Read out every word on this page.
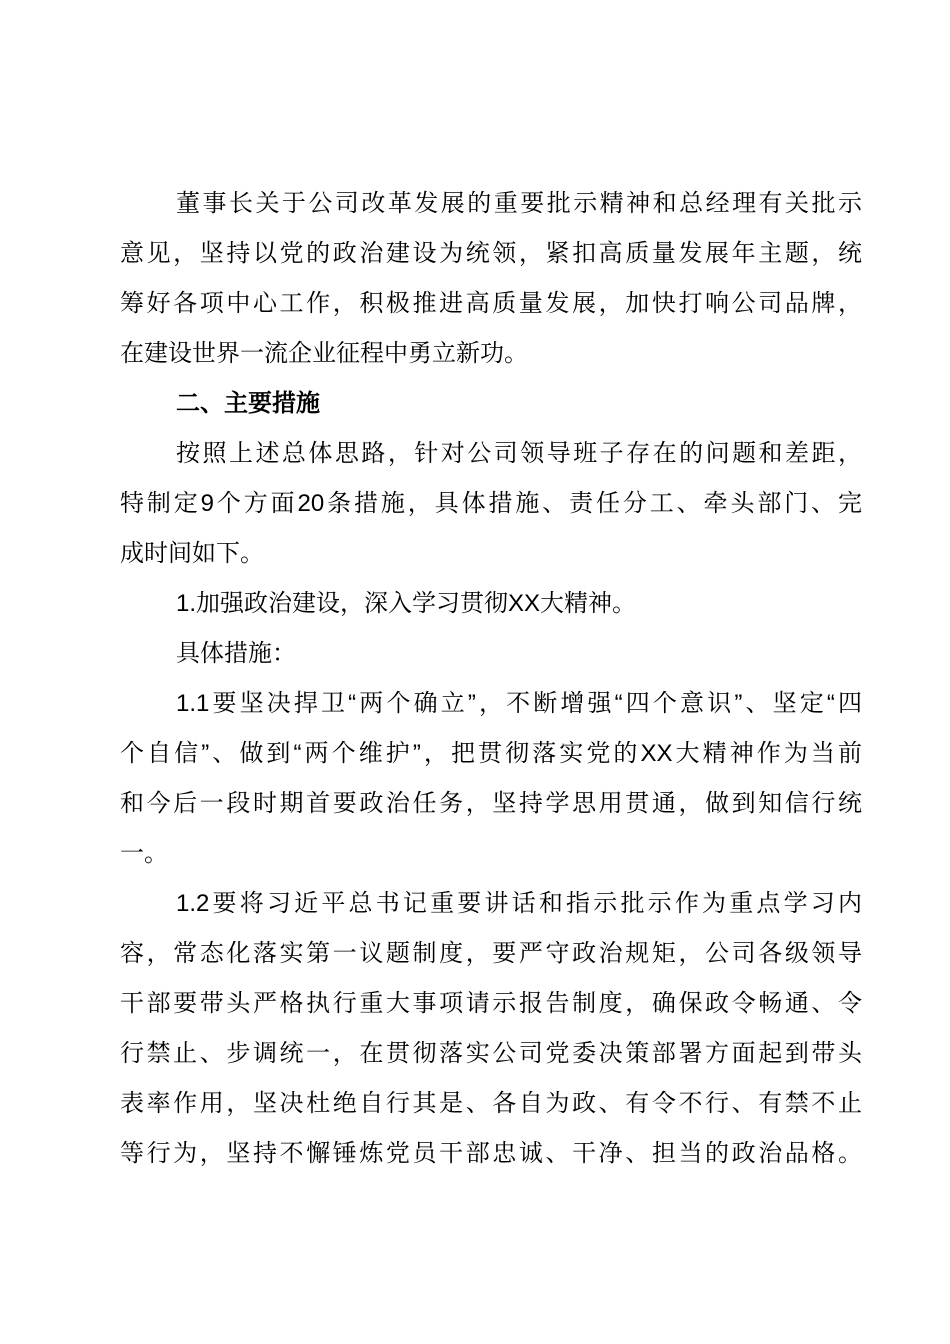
董事长关于公司改革发展的重要批示精神和总经理有关批示
意见，坚持以党的政治建设为统领，紧扣高质量发展年主题，统
筹好各项中心工作，积极推进高质量发展，加快打响公司品牌，
在建设世界一流企业征程中勇立新功。
二、主要措施
按照上述总体思路，针对公司领导班子存在的问题和差距，
特制定9个方面20条措施，具体措施、责任分工、牵头部门、完
成时间如下。
1.加强政治建设，深入学习贯彻XX大精神。
具体措施：
1.1要坚决捍卫“两个确立”，不断增强“四个意识”、坚定“四
个自信”、做到“两个维护”，把贯彻落实党的XX大精神作为当前
和今后一段时期首要政治任务，坚持学思用贯通，做到知信行统
一。
1.2要将习近平总书记重要讲话和指示批示作为重点学习内
容，常态化落实第一议题制度，要严守政治规矩，公司各级领导
干部要带头严格执行重大事项请示报告制度，确保政令畅通、令
行禁止、步调统一，在贯彻落实公司党委决策部署方面起到带头
表率作用，坚决杜绝自行其是、各自为政、有令不行、有禁不止
等行为，坚持不懈锤炼党员干部忠诚、干净、担当的政治品格。
